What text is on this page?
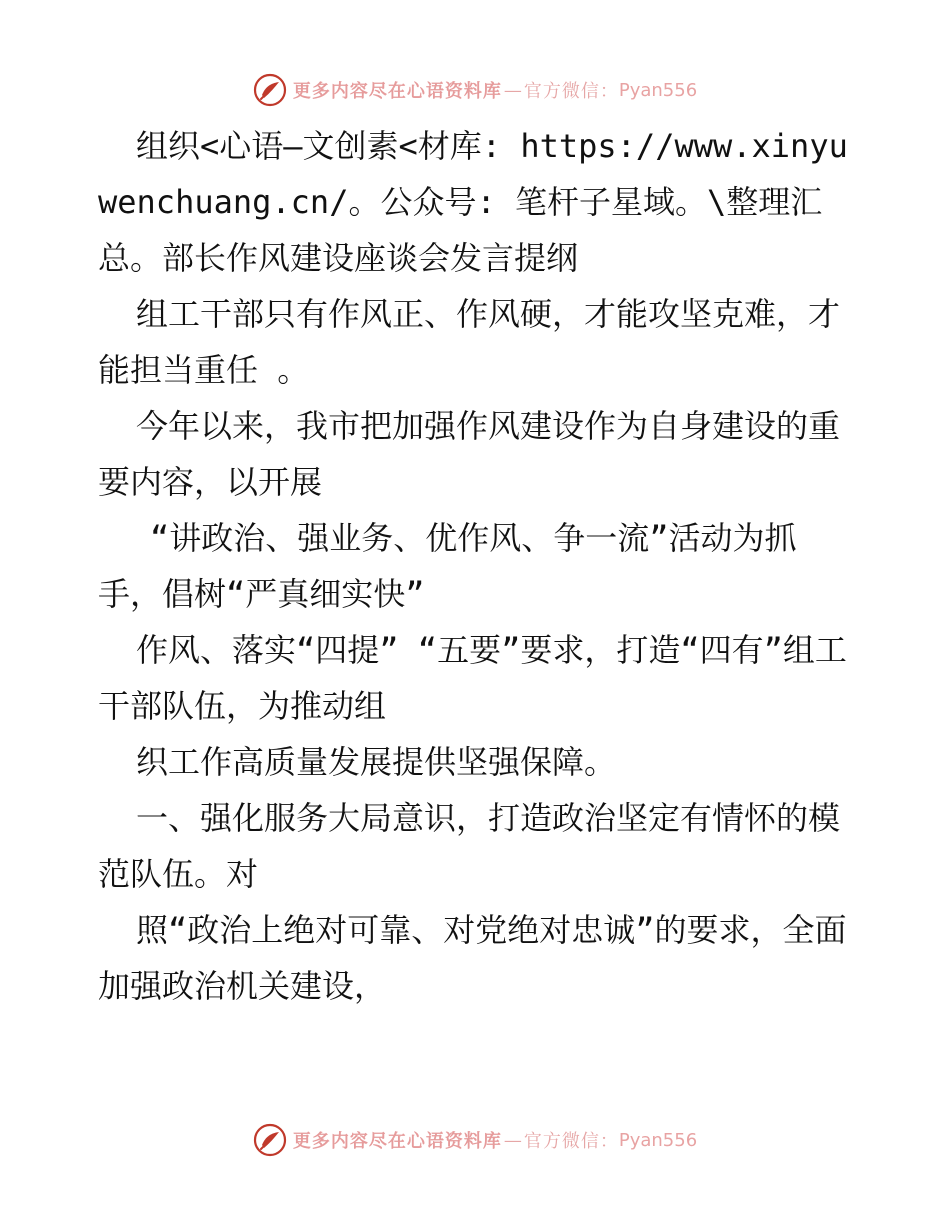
更多内容尽在心语资料库 — 官方微信： Pyan556

组织<心语—文创素<材库: https://www.xinyuwenchuang.cn/。公众号: 笔杆子星域。\整理汇总。部长作风建设座谈会发言提纲

组工干部只有作风正、作风硬，才能攻坚克难，才能担当重任 。

今年以来，我市把加强作风建设作为自身建设的重要内容，以开展

“讲政治、强业务、优作风、争一流”活动为抓手，倡树“严真细实快”

作风、落实“四提” “五要”要求，打造“四有”组工干部队伍，为推动组

织工作高质量发展提供坚强保障。

一、强化服务大局意识，打造政治坚定有情怀的模范队伍。对

照“政治上绝对可靠、对党绝对忠诚”的要求，全面加强政治机关建设，

更多内容尽在心语资料库 — 官方微信： Pyan556
